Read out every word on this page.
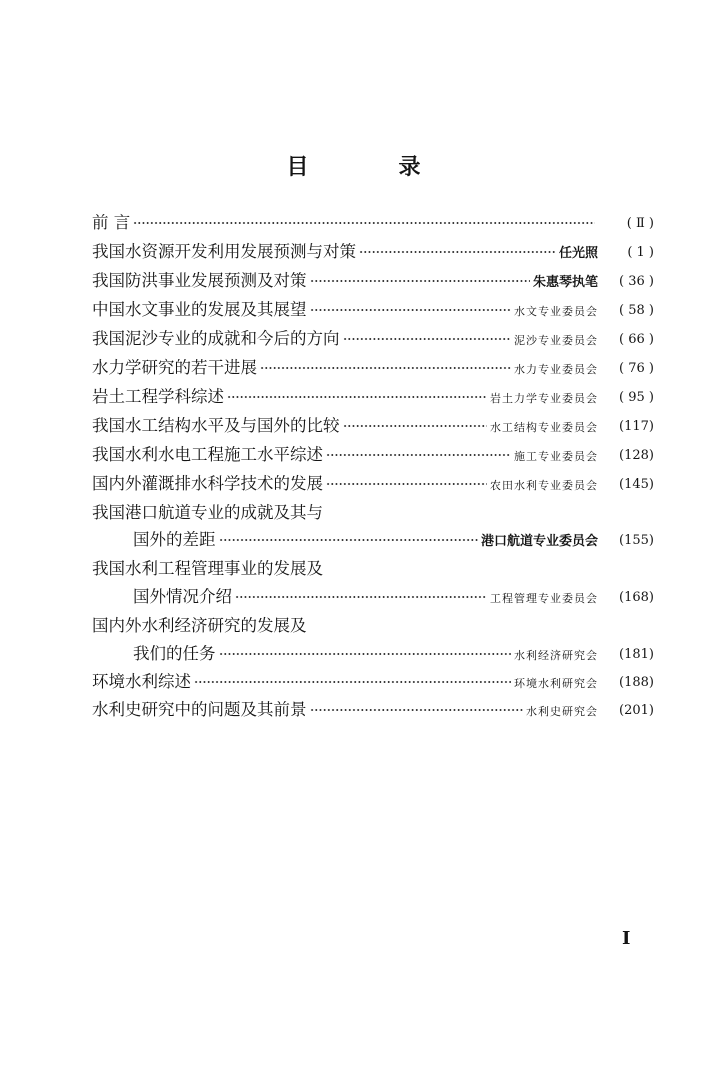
目　录
前 言	( Ⅱ )
我国水资源开发利用发展预测与对策	任光照	( 1 )
我国防洪事业发展预测及对策	朱惠琴执笔	( 36 )
中国水文事业的发展及其展望	水文专业委员会	( 58 )
我国泥沙专业的成就和今后的方向	泥沙专业委员会	( 66 )
水力学研究的若干进展	水力专业委员会	( 76 )
岩土工程学科综述	岩土力学专业委员会	( 95 )
我国水工结构水平及与国外的比较	水工结构专业委员会	(117)
我国水利水电工程施工水平综述	施工专业委员会	(128)
国内外灌溉排水科学技术的发展	农田水利专业委员会	(145)
我国港口航道专业的成就及其与
国外的差距	港口航道专业委员会	(155)
我国水利工程管理事业的发展及
国外情况介绍	工程管理专业委员会	(168)
国内外水利经济研究的发展及
我们的任务	水利经济研究会	(181)
环境水利综述	环境水利研究会	(188)
水利史研究中的问题及其前景	水利史研究会	(201)
I
